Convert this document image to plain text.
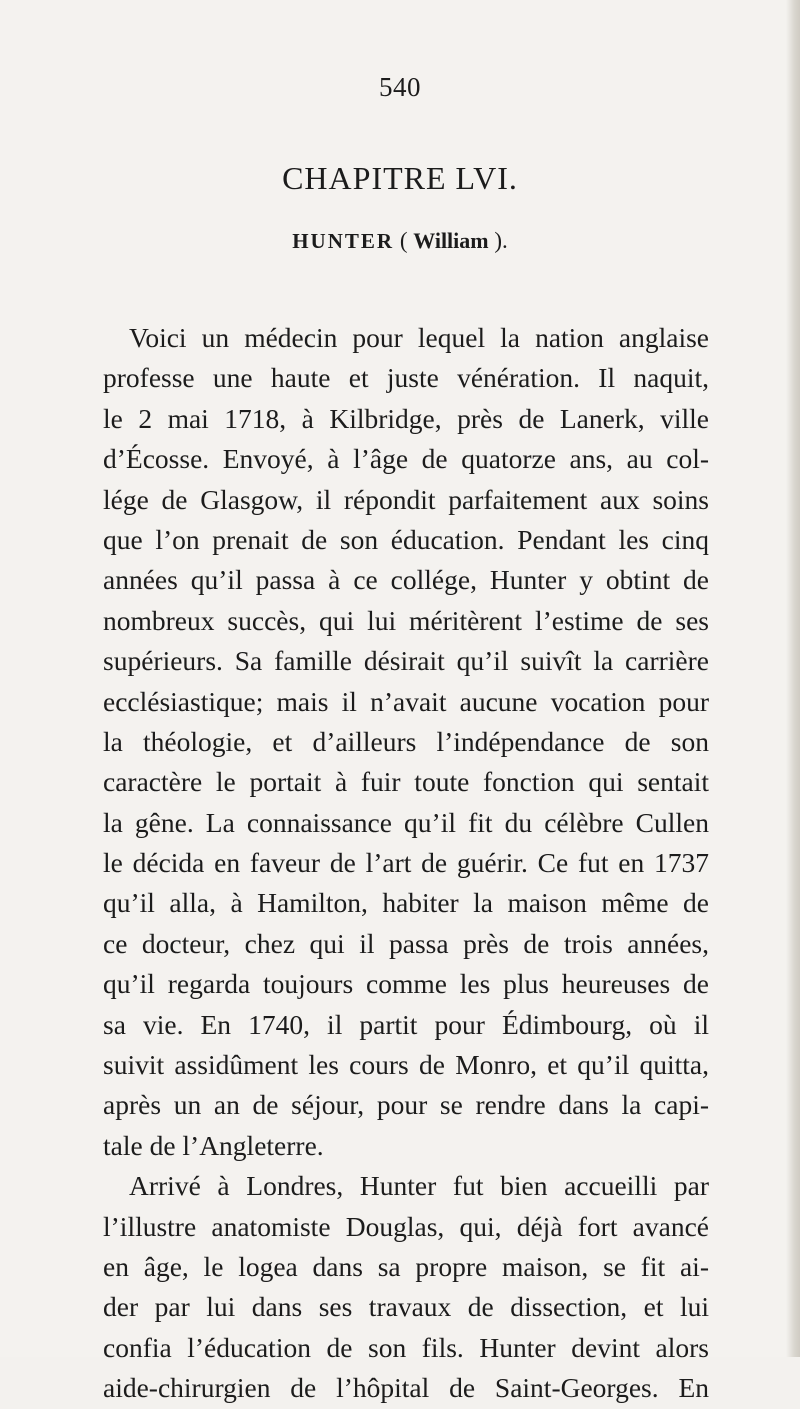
540
CHAPITRE LVI.
HUNTER ( William ).
Voici un médecin pour lequel la nation anglaise
professe une haute et juste vénération. Il naquit,
le 2 mai 1718, à Kilbridge, près de Lanerk, ville
d’Écosse. Envoyé, à l’âge de quatorze ans, au col-
lége de Glasgow, il répondit parfaitement aux soins
que l’on prenait de son éducation. Pendant les cinq
années qu’il passa à ce collége, Hunter y obtint de
nombreux succès, qui lui méritèrent l’estime de ses
supérieurs. Sa famille désirait qu’il suivît la carrière
ecclésiastique; mais il n’avait aucune vocation pour
la théologie, et d’ailleurs l’indépendance de son
caractère le portait à fuir toute fonction qui sentait
la gêne. La connaissance qu’il fit du célèbre Cullen
le décida en faveur de l’art de guérir. Ce fut en 1737
qu’il alla, à Hamilton, habiter la maison même de
ce docteur, chez qui il passa près de trois années,
qu’il regarda toujours comme les plus heureuses de
sa vie. En 1740, il partit pour Édimbourg, où il
suivit assidûment les cours de Monro, et qu’il quitta,
après un an de séjour, pour se rendre dans la capi-
tale de l’Angleterre.
Arrivé à Londres, Hunter fut bien accueilli par
l’illustre anatomiste Douglas, qui, déjà fort avancé
en âge, le logea dans sa propre maison, se fit ai-
der par lui dans ses travaux de dissection, et lui
confia l’éducation de son fils. Hunter devint alors
aide-chirurgien de l’hôpital de Saint-Georges. En
